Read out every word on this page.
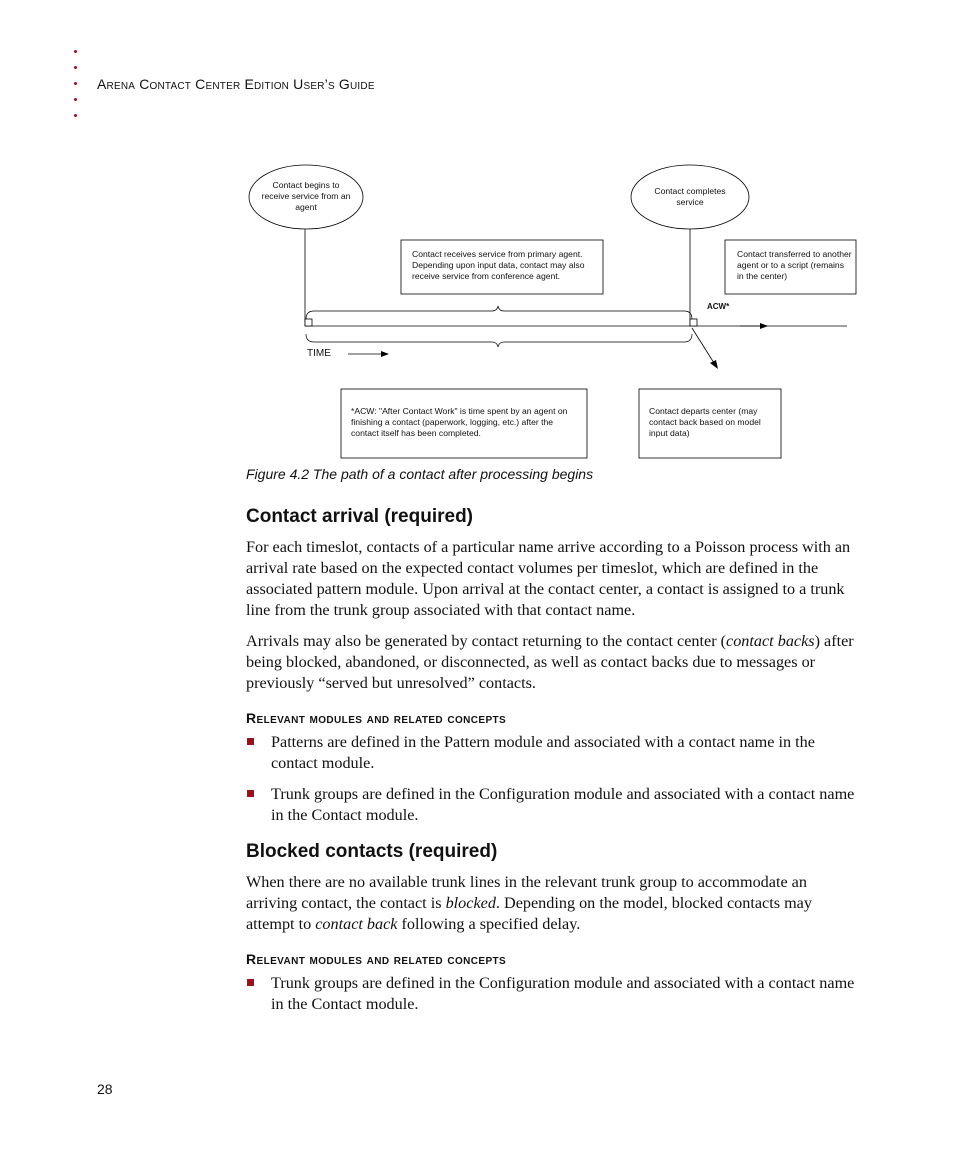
Arena Contact Center Edition User’s Guide
Contact begins to receive service from an agent
Contact completes service
Contact receives service from primary agent. Depending upon input data, contact may also receive service from conference agent.
Contact transferred to another agent or to a script (remains in the center)
ACW*
TIME
*ACW: "After Contact Work" is time spent by an agent on finishing a contact (paperwork, logging, etc.) after the contact itself has been completed.
Contact departs center (may contact back based on model input data)
Figure 4.2 The path of a contact after processing begins
Contact arrival (required)

For each timeslot, contacts of a particular name arrive according to a Poisson process with an arrival rate based on the expected contact volumes per timeslot, which are defined in the associated pattern module. Upon arrival at the contact center, a contact is assigned to a trunk line from the trunk group associated with that contact name.

Arrivals may also be generated by contact returning to the contact center (contact backs) after being blocked, abandoned, or disconnected, as well as contact backs due to messages or previously “served but unresolved” contacts.

Relevant modules and related concepts
Patterns are defined in the Pattern module and associated with a contact name in the contact module.
Trunk groups are defined in the Configuration module and associated with a contact name in the Contact module.
Blocked contacts (required)

When there are no available trunk lines in the relevant trunk group to accommodate an arriving contact, the contact is blocked. Depending on the model, blocked contacts may attempt to contact back following a specified delay.

Relevant modules and related concepts
Trunk groups are defined in the Configuration module and associated with a contact name in the Contact module.
28
